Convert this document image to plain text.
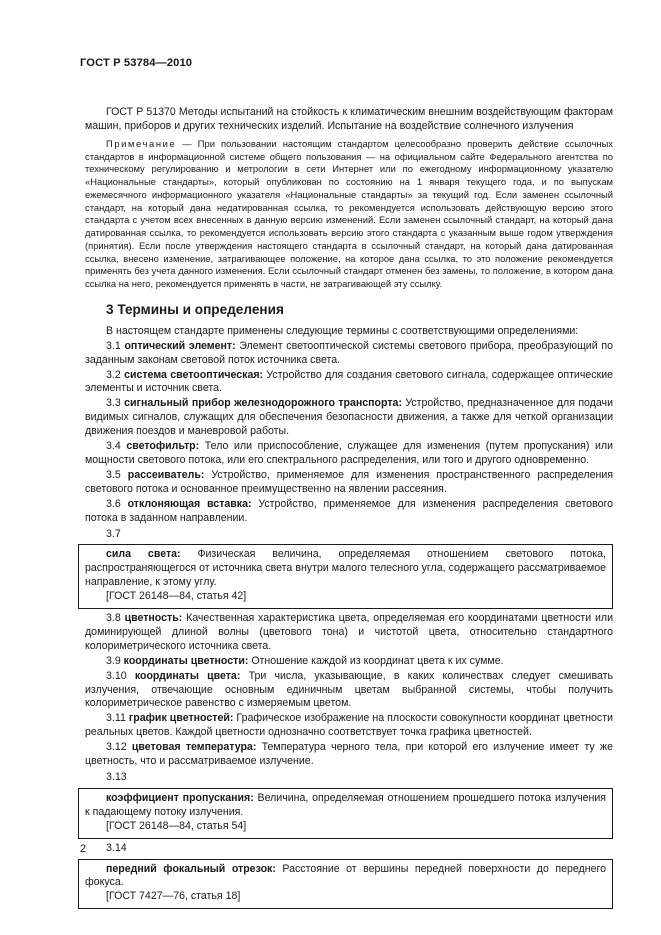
ГОСТ Р 53784—2010

ГОСТ Р 51370 Методы испытаний на стойкость к климатическим внешним воздействующим факторам машин, приборов и других технических изделий. Испытание на воздействие солнечного излучения

Примечание — При пользовании настоящим стандартом целесообразно проверить действие ссылочных стандартов в информационной системе общего пользования — на официальном сайте Федерального агентства по техническому регулированию и метрологии в сети Интернет или по ежегодному информационному указателю «Национальные стандарты», который опубликован по состоянию на 1 января текущего года, и по выпускам ежемесячного информационного указателя «Национальные стандарты» за текущий год. Если заменен ссылочный стандарт, на который дана недатированная ссылка, то рекомендуется использовать действующую версию этого стандарта с учетом всех внесенных в данную версию изменений. Если заменен ссылочный стандарт, на который дана датированная ссылка, то рекомендуется использовать версию этого стандарта с указанным выше годом утверждения (принятия). Если после утверждения настоящего стандарта в ссылочный стандарт, на который дана датированная ссылка, внесено изменение, затрагивающее положение, на которое дана ссылка, то это положение рекомендуется применять без учета данного изменения. Если ссылочный стандарт отменен без замены, то положение, в котором дана ссылка на него, рекомендуется применять в части, не затрагивающей эту ссылку.

3 Термины и определения

В настоящем стандарте применены следующие термины с соответствующими определениями:

3.1 оптический элемент: Элемент светооптической системы светового прибора, преобразующий по заданным законам световой поток источника света.

3.2 система светооптическая: Устройство для создания светового сигнала, содержащее оптические элементы и источник света.

3.3 сигнальный прибор железнодорожного транспорта: Устройство, предназначенное для подачи видимых сигналов, служащих для обеспечения безопасности движения, а также для четкой организации движения поездов и маневровой работы.

3.4 светофильтр: Тело или приспособление, служащее для изменения (путем пропускания) или мощности светового потока, или его спектрального распределения, или того и другого одновременно.

3.5 рассеиватель: Устройство, применяемое для изменения пространственного распределения светового потока и основанное преимущественно на явлении рассеяния.

3.6 отклоняющая вставка: Устройство, применяемое для изменения распределения светового потока в заданном направлении.

3.7

сила света: Физическая величина, определяемая отношением светового потока, распространяющегося от источника света внутри малого телесного угла, содержащего рассматриваемое направление, к этому углу.

[ГОСТ 26148—84, статья 42]

3.8 цветность: Качественная характеристика цвета, определяемая его координатами цветности или доминирующей длиной волны (цветового тона) и чистотой цвета, относительно стандартного колориметрического источника света.

3.9 координаты цветности: Отношение каждой из координат цвета к их сумме.

3.10 координаты цвета: Три числа, указывающие, в каких количествах следует смешивать излучения, отвечающие основным единичным цветам выбранной системы, чтобы получить колориметрическое равенство с измеряемым цветом.

3.11 график цветностей: Графическое изображение на плоскости совокупности координат цветности реальных цветов. Каждой цветности однозначно соответствует точка графика цветностей.

3.12 цветовая температура: Температура черного тела, при которой его излучение имеет ту же цветность, что и рассматриваемое излучение.

3.13

коэффициент пропускания: Величина, определяемая отношением прошедшего потока излучения к падающему потоку излучения.

[ГОСТ 26148—84, статья 54]
3.14

передний фокальный отрезок: Расстояние от вершины передней поверхности до переднего фокуса.

[ГОСТ 7427—76, статья 18]
2
